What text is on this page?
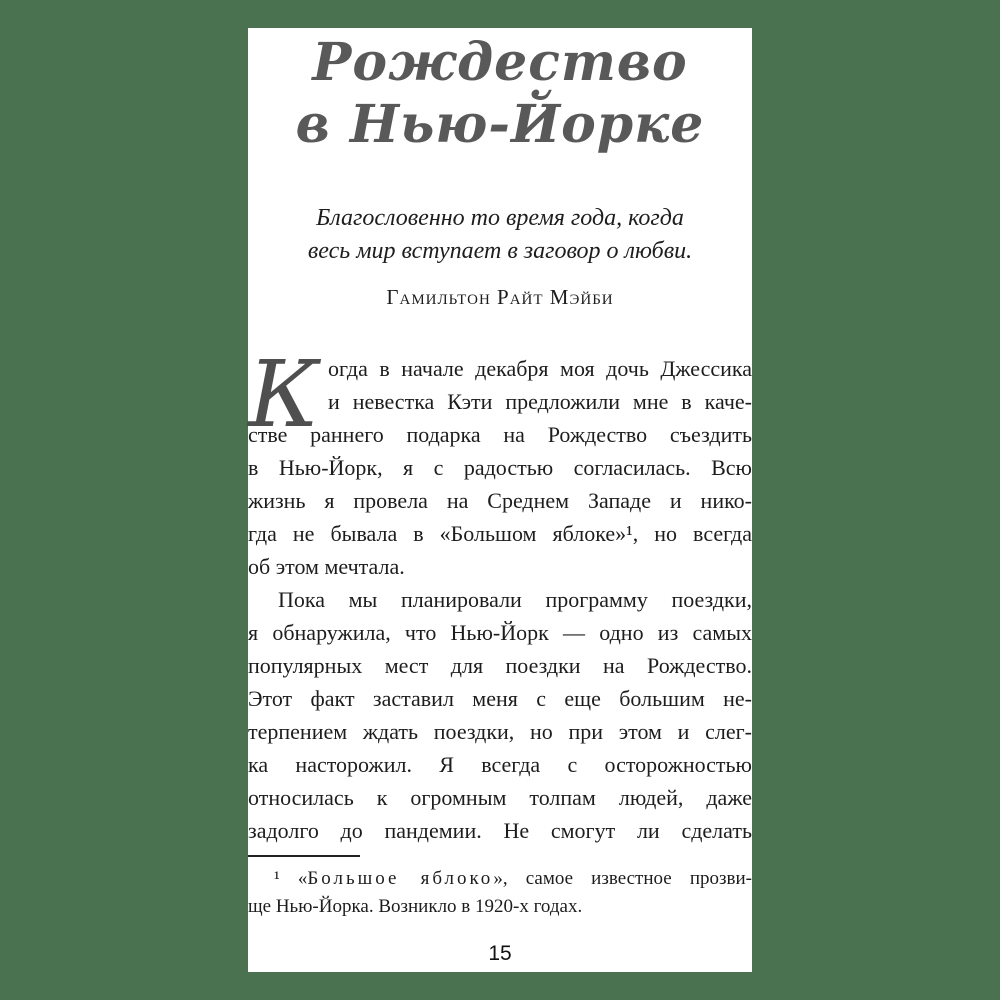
Рождество
в Нью-Йорке
Благословенно то время года, когда
весь мир вступает в заговор о любви.
Гамильтон Райт Мэйби
К огда в начале декабря моя дочь Джессика
и невестка Кэти предложили мне в каче-
стве раннего подарка на Рождество съездить
в Нью-Йорк, я с радостью согласилась. Всю
жизнь я провела на Среднем Западе и нико-
гда не бывала в «Большом яблоке»¹, но всегда
об этом мечтала.
Пока мы планировали программу поездки,
я обнаружила, что Нью-Йорк — одно из самых
популярных мест для поездки на Рождество.
Этот факт заставил меня с еще большим не-
терпением ждать поездки, но при этом и слег-
ка насторожил. Я всегда с осторожностью
относилась к огромным толпам людей, даже
задолго до пандемии. Не смогут ли сделать
¹ «Большое яблоко», самое известное прозви-
ще Нью-Йорка. Возникло в 1920-х годах.
15
